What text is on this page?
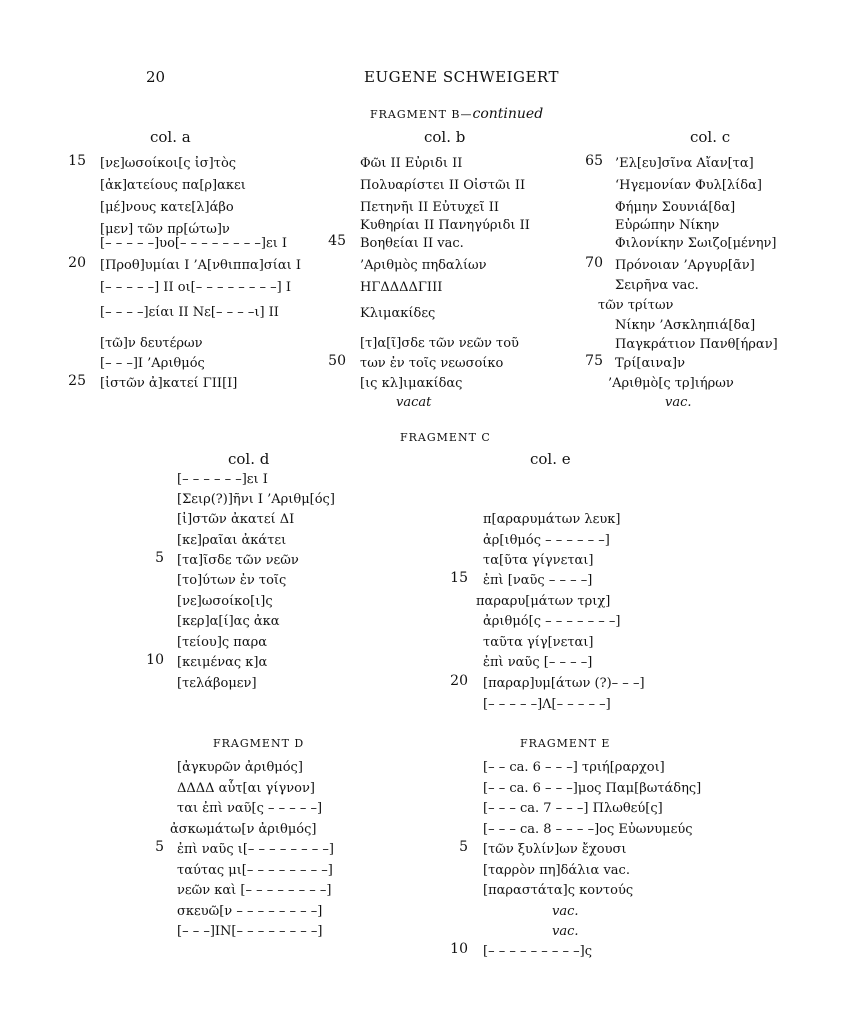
20	EUGENE SCHWEIGERT
FRAGMENT B—continued
col. a	col. b	col. c
15
20
25
[νε]ωσοίκοι[ς ἰσ]τὸς
[ἀκ]ατείους πα[ρ]ακει
[μέ]νους κατε[λ]άβο
[μεν] τῶν πρ[ώτω]ν
[– – – – –]υο[– – – – – – – –]ει Ι
[Προθ]υμίαι Ι ’Α[νθιππα]σίαι Ι
[– – – – –] ΙΙ οι[– – – – – – – –] Ι
[– – – –]είαι ΙΙ Νε[– – – –ι] ΙΙ
[τῶ]ν δευτέρων
[– – –]Ι ’Αριθμός
[ἰστῶν ἀ]κατεί ΓΙΙ[Ι]
45
50
Φῶι ΙΙ Εὐριδι ΙΙ
Πολυαρίστει ΙΙ Οἰστῶι ΙΙ
Πετηνῆι ΙΙ Εὐτυχεῖ ΙΙ
Κυθηρίαι ΙΙ Πανηγύριδι ΙΙ
Βοηθείαι ΙΙ vac.
’Αριθμὸς πηδαλίων
ΗΓΔΔΔΔΓΙΙΙ
Κλιμακίδες
[τ]α[ῖ]σδε τῶν νεῶν τοῦ
των ἐν τοῖς νεωσοίκο
[ις κλ]ιμακίδας
vacat
65
70
75
’Ελ[ευ]σῖνα Αἴαν[τα]
‘Ηγεμονίαν Φυλ[λίδα]
Φήμην Σουνιά[δα]
Εὐρώπην Νίκην
Φιλονίκην Σωιζο[μένην]
Πρόνοιαν ’Αργυρ[ᾶν]
Σειρῆνα vac.
τῶν τρίτων
Νίκην ’Ασκληπιά[δα]
Παγκράτιον Πανθ[ήραν]
Τρί[αινα]ν
’Αριθμὸ[ς τρ]ιήρων
vac.
FRAGMENT C
col. d	col. e
5
10
[– – – – – –]ει Ι
[Σειρ(?)]ῆνι Ι ’Αριθμ[ός]
[ἰ]στῶν ἀκατεί ΔΙ
[κε]ραῖαι ἀκάτει
[τα]ῖσδε τῶν νεῶν
[το]ύτων ἐν τοῖς
[νε]ωσοίκο[ι]ς
[κερ]α[ί]ας ἀκα
[τείου]ς παρα
[κειμένας κ]α
[τελάβομεν]
15
20
π[αραρυμάτων λευκ]
ἀρ[ιθμός – – – – – –]
τα[ῦτα γίγνεται]
ἐπὶ [ναῦς – – – –]
παραρυ[μάτων τριχ]
ἀριθμό[ς – – – – – – –]
ταῦτα γίγ[νεται]
ἐπὶ ναῦς [– – – –]
[παραρ]υμ[άτων (?)– – –]
[– – – – –]Λ[– – – – –]
FRAGMENT D
5
[ἀγκυρῶν ἀριθμός]
ΔΔΔΔ αὗτ[αι γίγνον]
ται ἐπὶ ναῦ[ς – – – – –]
ἀσκωμάτω[ν ἀριθμός]
ἐπὶ ναῦς ι[– – – – – – – –]
ταύτας μι[– – – – – – – –]
νεῶν καὶ [– – – – – – – –]
σκευῶ[ν – – – – – – – –]
[– – –]ΙΝ[– – – – – – – –]
FRAGMENT E
5
10
[– – ca. 6 – – –] τριή[ραρχοι]
[– – ca. 6 – – –]μος Παμ[βωτάδης]
[– – – ca. 7 – – –] Πλωθεύ[ς]
[– – – ca. 8 – – – –]ος Εὐωνυμεύς
[τῶν ξυλίν]ων ἔχουσι
[ταρρὸν πη]δάλια vac.
[παραστάτα]ς κοντούς
vac.
vac.
[– – – – – – – – –]ς
